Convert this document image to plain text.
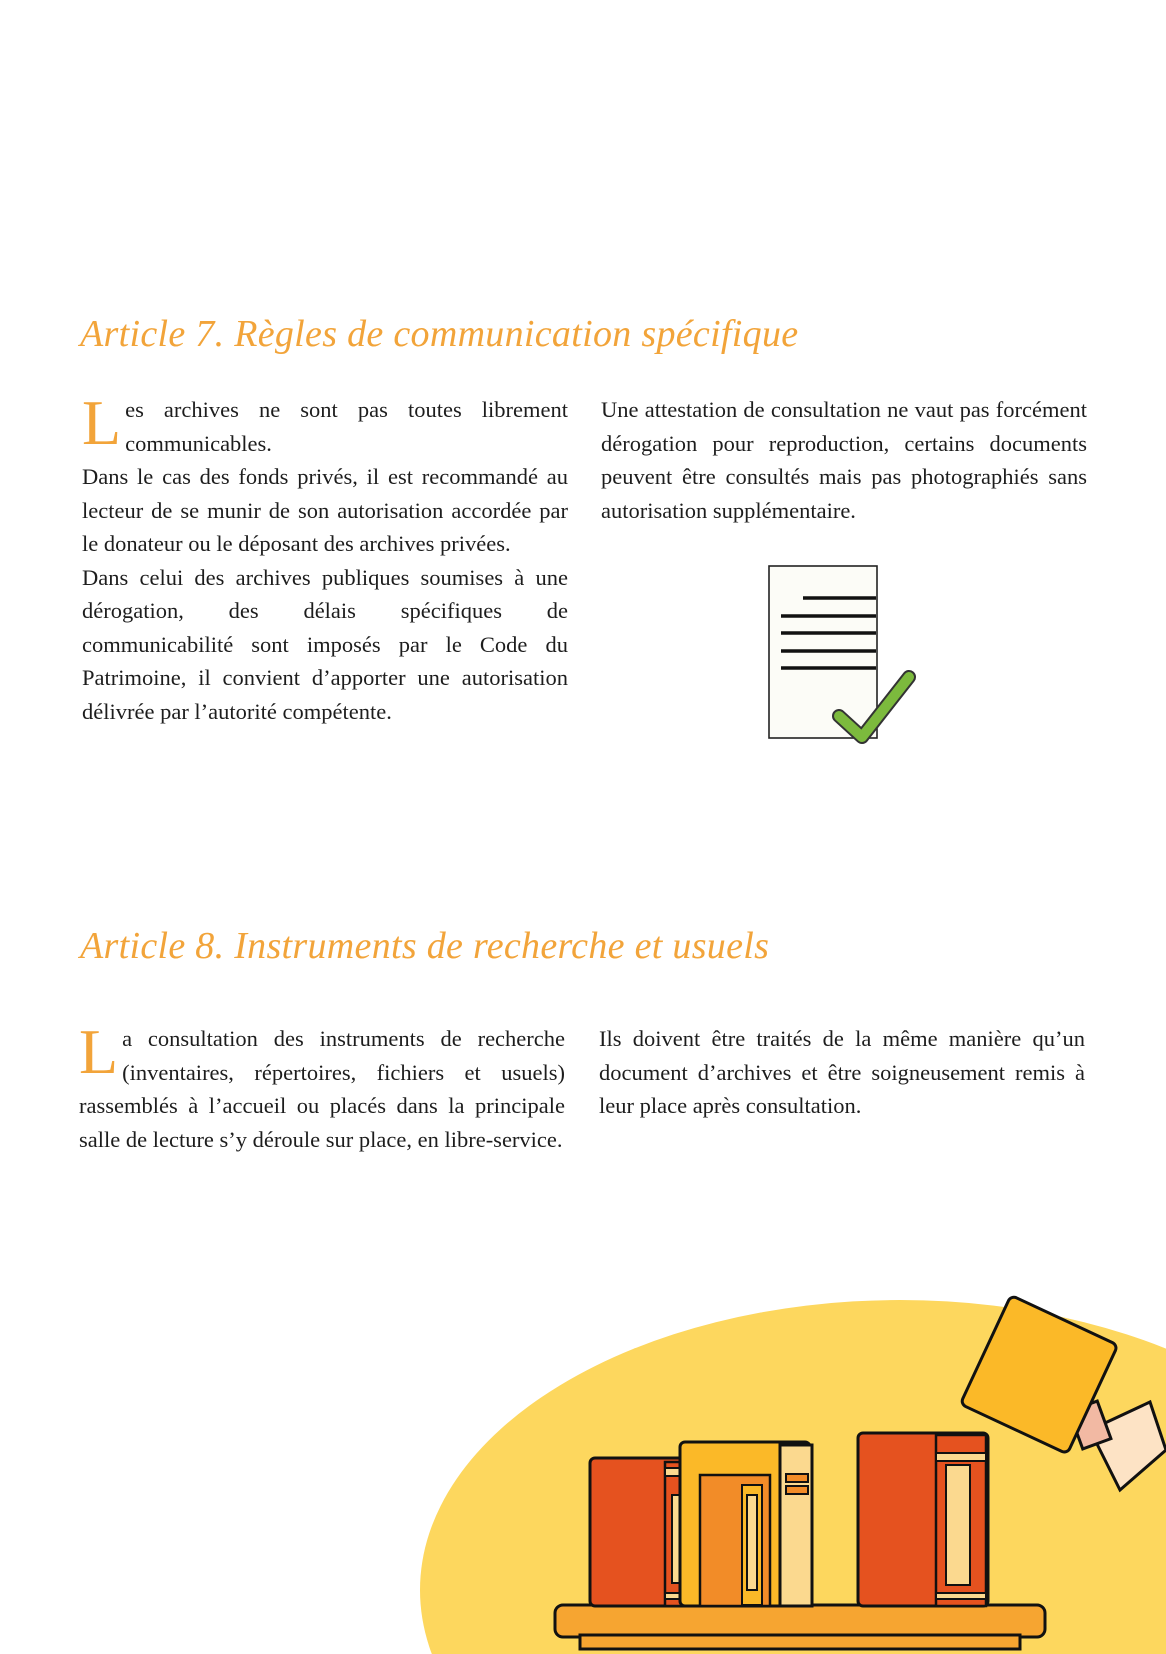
Article 7. Règles de communication spécifique

Les archives ne sont pas toutes librement communicables.

Dans le cas des fonds privés, il est recommandé au lecteur de se munir de son autorisation accordée par le donateur ou le déposant des archives privées.

Dans celui des archives publiques soumises à une dérogation, des délais spécifiques de communicabilité sont imposés par le Code du Patrimoine, il convient d’apporter une autorisation délivrée par l’autorité compétente.

Une attestation de consultation ne vaut pas forcément dérogation pour reproduction, certains documents peuvent être consultés mais pas photographiés sans autorisation supplémentaire.

Article 8. Instruments de recherche et usuels

La consultation des instruments de recherche (inventaires, répertoires, fichiers et usuels) rassemblés à l’accueil ou placés dans la principale salle de lecture s’y déroule sur place, en libre-service.

Ils doivent être traités de la même manière qu’un document d’archives et être soigneusement remis à leur place après consultation.
